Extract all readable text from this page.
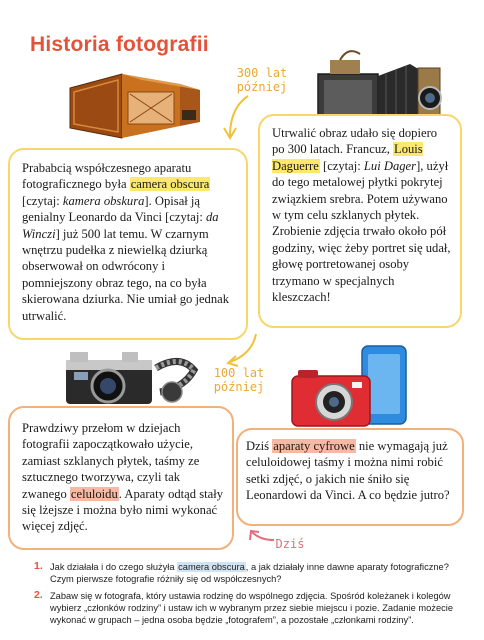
Historia fotografii
300 lat
później

Prababcią współczesnego aparatu fotograficznego była camera obscura [czytaj: kamera obskura]. Opisał ją genialny Leonardo da Vinci [czytaj: da Winczi] już 500 lat temu. W czarnym wnętrzu pudełka z niewielką dziurką obserwował on odwrócony i pomniejszony obraz tego, na co była skierowana dziurka. Nie umiał go jednak utrwalić.

Utrwalić obraz udało się dopiero po 300 latach. Francuz, Louis Daguerre [czytaj: Lui Dager], użył do tego metalowej płytki pokrytej związkiem srebra. Potem używano w tym celu szklanych płytek. Zrobienie zdjęcia trwało około pół godziny, więc żeby portret się udał, głowę portretowanej osoby trzymano w specjalnych kleszczach!

100 lat
później

Prawdziwy przełom w dziejach fotografii zapoczątkowało użycie, zamiast szklanych płytek, taśmy ze sztucznego tworzywa, czyli tak zwanego celuloidu. Aparaty odtąd stały się lżejsze i można było nimi wykonać więcej zdjęć.

Dziś aparaty cyfrowe nie wymagają już celuloidowej taśmy i można nimi robić setki zdjęć, o jakich nie śniło się Leonardowi da Vinci. A co będzie jutro?

Dziś
1. Jak działała i do czego służyła camera obscura, a jak działały inne dawne aparaty fotograficzne? Czym pierwsze fotografie różniły się od współczesnych?
2. Zabaw się w fotografa, który ustawia rodzinę do wspólnego zdjęcia. Spośród koleżanek i kolegów wybierz „członków rodziny” i ustaw ich w wybranym przez siebie miejscu i pozie. Zadanie możecie wykonać w grupach – jedna osoba będzie „fotografem”, a pozostałe „członkami rodziny”.
